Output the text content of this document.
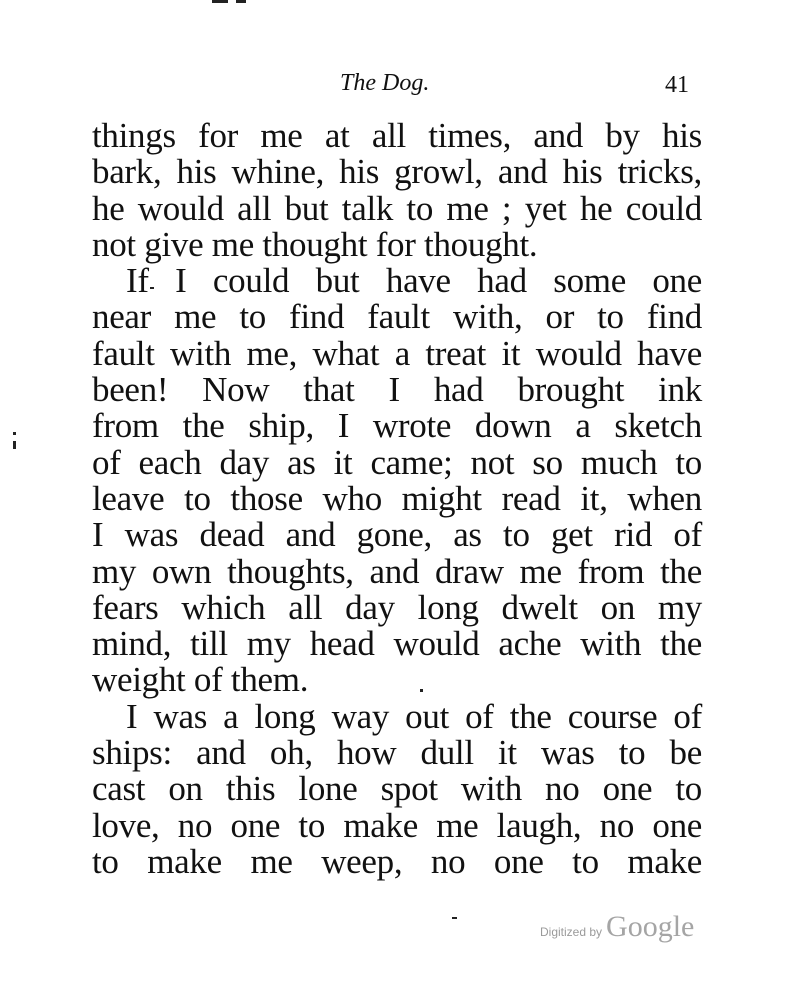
The Dog.	41
things for me at all times, and by his
bark, his whine, his growl, and his tricks,
he would all but talk to me ; yet he could
not give me thought for thought.
If I could but have had some one
near me to find fault with, or to find
fault with me, what a treat it would have
been! Now that I had brought ink
from the ship, I wrote down a sketch
of each day as it came; not so much to
leave to those who might read it, when
I was dead and gone, as to get rid of
my own thoughts, and draw me from the
fears which all day long dwelt on my
mind, till my head would ache with the
weight of them.
I was a long way out of the course of
ships: and oh, how dull it was to be
cast on this lone spot with no one to
love, no one to make me laugh, no one
to make me weep, no one to make
Digitized by Google
